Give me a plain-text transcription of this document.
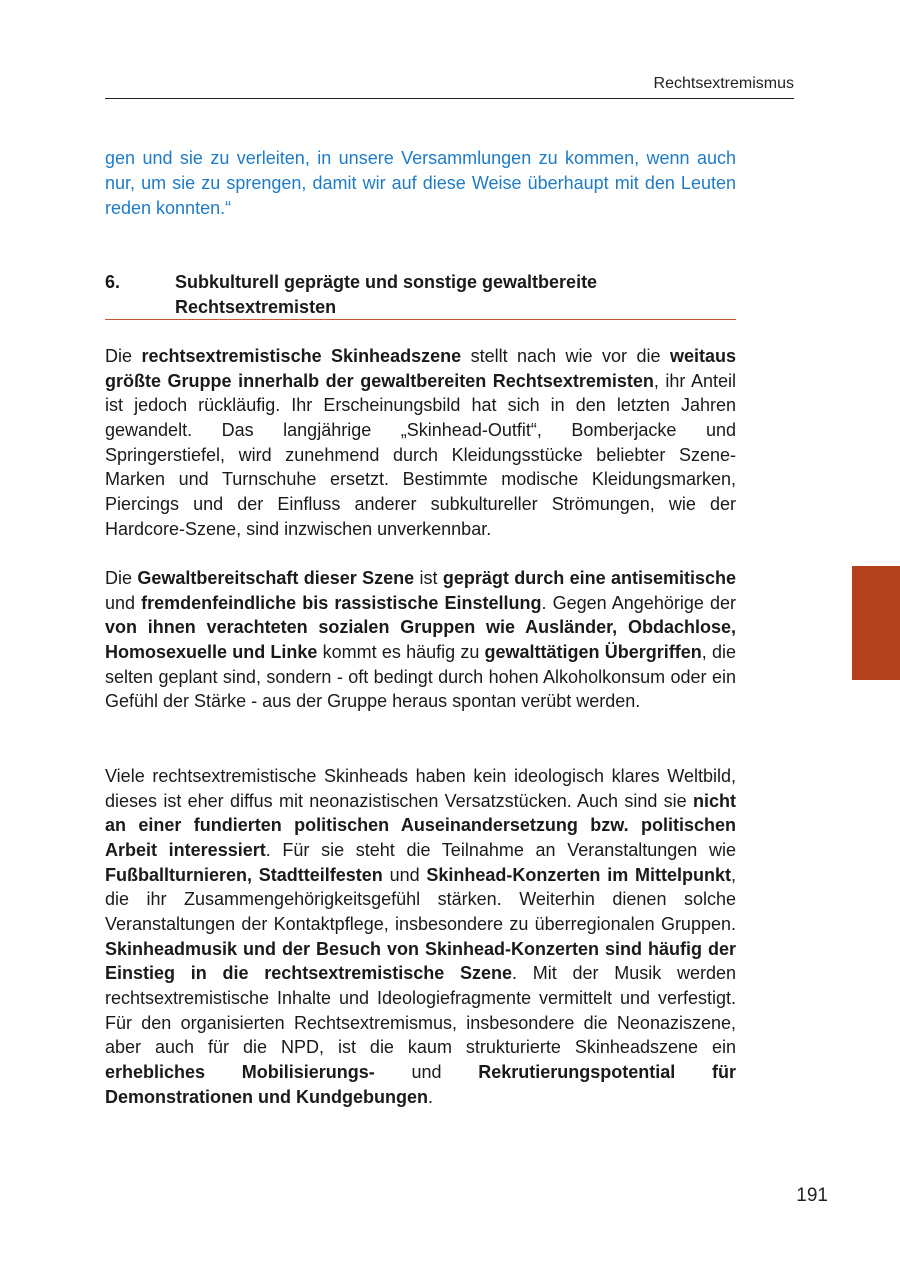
Rechtsextremismus

gen und sie zu verleiten, in unsere Versammlungen zu kommen, wenn auch nur, um sie zu sprengen, damit wir auf diese Weise überhaupt mit den Leuten reden konnten.“

6.	Subkulturell geprägte und sonstige gewaltbereite
Rechtsextremisten

Die rechtsextremistische Skinheadszene stellt nach wie vor die weitaus größte Gruppe innerhalb der gewaltbereiten Rechtsextremisten, ihr Anteil ist jedoch rückläufig. Ihr Erscheinungsbild hat sich in den letzten Jahren gewandelt. Das langjährige „Skinhead-Outfit“, Bomberjacke und Springerstiefel, wird zunehmend durch Kleidungsstücke beliebter Szene-Marken und Turnschuhe ersetzt. Bestimmte modische Kleidungsmarken, Piercings und der Einfluss anderer subkultureller Strömungen, wie der Hardcore-Szene, sind inzwischen unverkennbar.

Die Gewaltbereitschaft dieser Szene ist geprägt durch eine antisemitische und fremdenfeindliche bis rassistische Einstellung. Gegen Angehörige der von ihnen verachteten sozialen Gruppen wie Ausländer, Obdachlose, Homosexuelle und Linke kommt es häufig zu gewalttätigen Übergriffen, die selten geplant sind, sondern - oft bedingt durch hohen Alkoholkonsum oder ein Gefühl der Stärke - aus der Gruppe heraus spontan verübt werden.

Viele rechtsextremistische Skinheads haben kein ideologisch klares Weltbild, dieses ist eher diffus mit neonazistischen Versatzstücken. Auch sind sie nicht an einer fundierten politischen Auseinandersetzung bzw. politischen Arbeit interessiert. Für sie steht die Teilnahme an Veranstaltungen wie Fußballturnieren, Stadtteilfesten und Skinhead-Konzerten im Mittelpunkt, die ihr Zusammengehörigkeitsgefühl stärken. Weiterhin dienen solche Veranstaltungen der Kontaktpflege, insbesondere zu überregionalen Gruppen. Skinheadmusik und der Besuch von Skinhead-Konzerten sind häufig der Einstieg in die rechtsextremistische Szene. Mit der Musik werden rechtsextremistische Inhalte und Ideologiefragmente vermittelt und verfestigt. Für den organisierten Rechtsextremismus, insbesondere die Neonaziszene, aber auch für die NPD, ist die kaum strukturierte Skinheadszene ein erhebliches Mobilisierungs- und Rekrutierungspotential für Demonstrationen und Kundgebungen.

191
